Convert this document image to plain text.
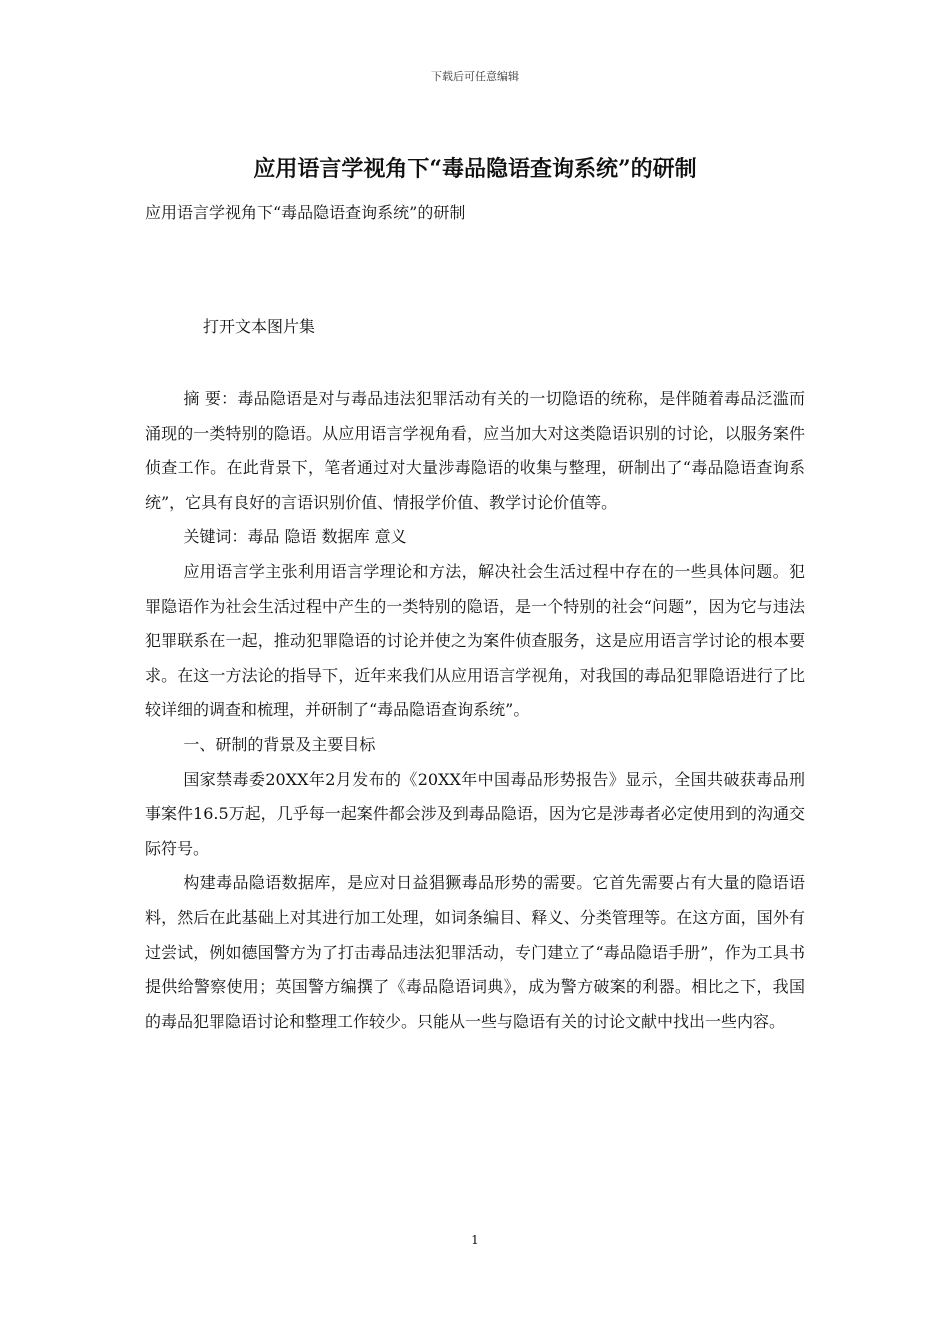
下载后可任意编辑
应用语言学视角下“毒品隐语查询系统”的研制
应用语言学视角下“毒品隐语查询系统”的研制
打开文本图片集

摘 要：毒品隐语是对与毒品违法犯罪活动有关的一切隐语的统称，是伴随着毒品泛滥而涌现的一类特别的隐语。从应用语言学视角看，应当加大对这类隐语识别的讨论，以服务案件侦查工作。在此背景下，笔者通过对大量涉毒隐语的收集与整理，研制出了“毒品隐语查询系统”，它具有良好的言语识别价值、情报学价值、教学讨论价值等。

关键词：毒品 隐语 数据库 意义

应用语言学主张利用语言学理论和方法，解决社会生活过程中存在的一些具体问题。犯罪隐语作为社会生活过程中产生的一类特别的隐语，是一个特别的社会“问题”，因为它与违法犯罪联系在一起，推动犯罪隐语的讨论并使之为案件侦查服务，这是应用语言学讨论的根本要求。在这一方法论的指导下，近年来我们从应用语言学视角，对我国的毒品犯罪隐语进行了比较详细的调查和梳理，并研制了“毒品隐语查询系统”。

一、研制的背景及主要目标

国家禁毒委20XX年2月发布的《20XX年中国毒品形势报告》显示，全国共破获毒品刑事案件16.5万起，几乎每一起案件都会涉及到毒品隐语，因为它是涉毒者必定使用到的沟通交际符号。

构建毒品隐语数据库，是应对日益猖獗毒品形势的需要。它首先需要占有大量的隐语语料，然后在此基础上对其进行加工处理，如词条编目、释义、分类管理等。在这方面，国外有过尝试，例如德国警方为了打击毒品违法犯罪活动，专门建立了“毒品隐语手册”，作为工具书提供给警察使用；英国警方编撰了《毒品隐语词典》，成为警方破案的利器。相比之下，我国的毒品犯罪隐语讨论和整理工作较少。只能从一些与隐语有关的讨论文献中找出一些内容。

1
